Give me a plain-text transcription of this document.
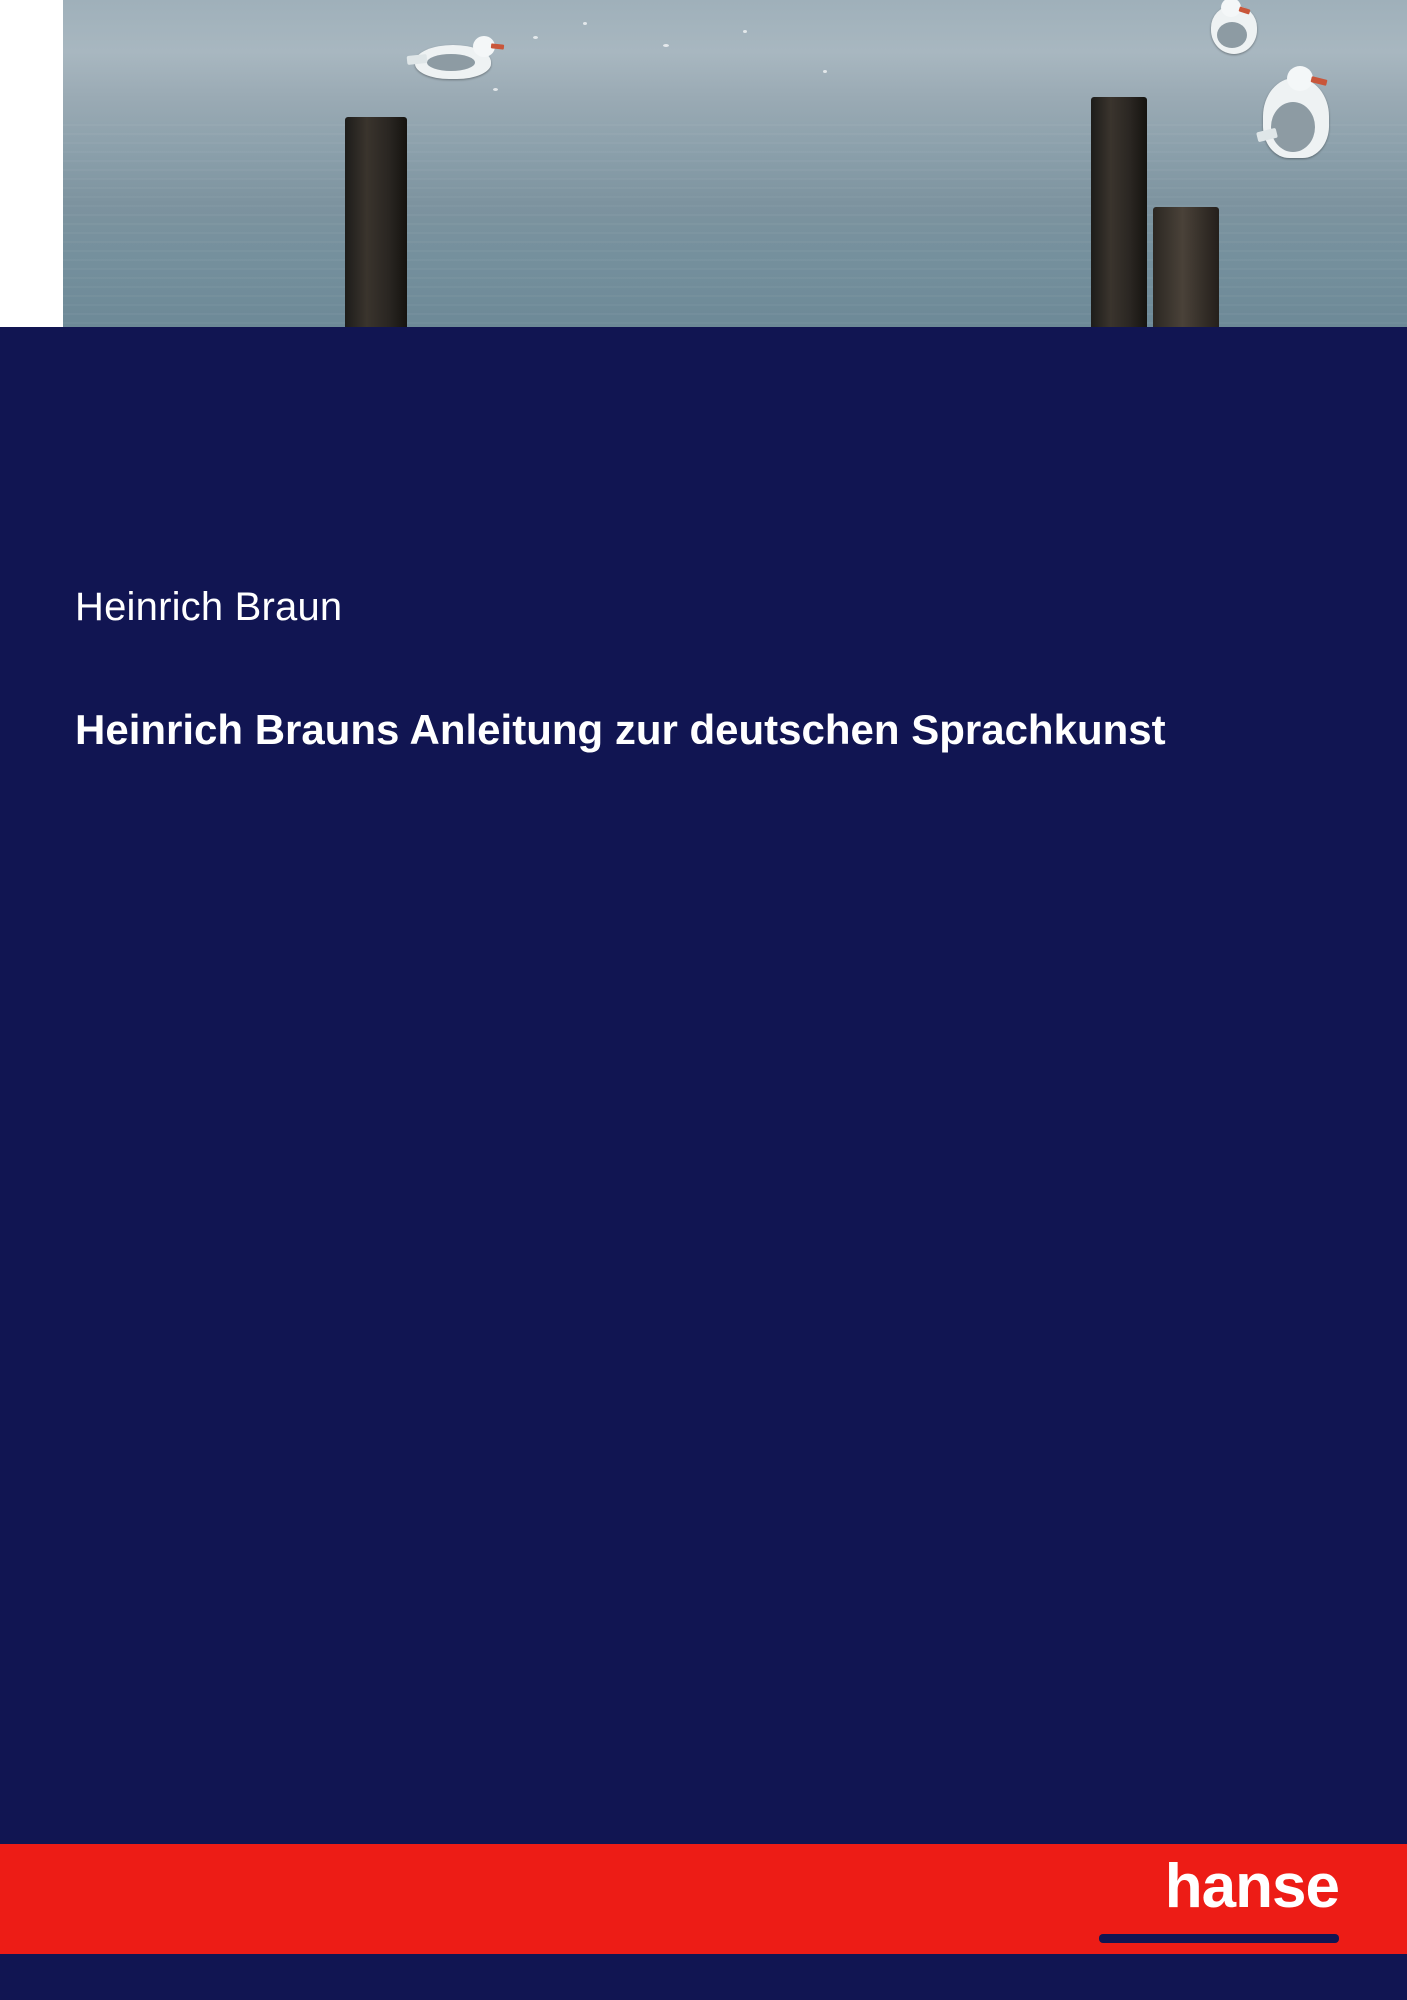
Heinrich Braun
Heinrich Brauns Anleitung zur deutschen Sprachkunst
hanse
